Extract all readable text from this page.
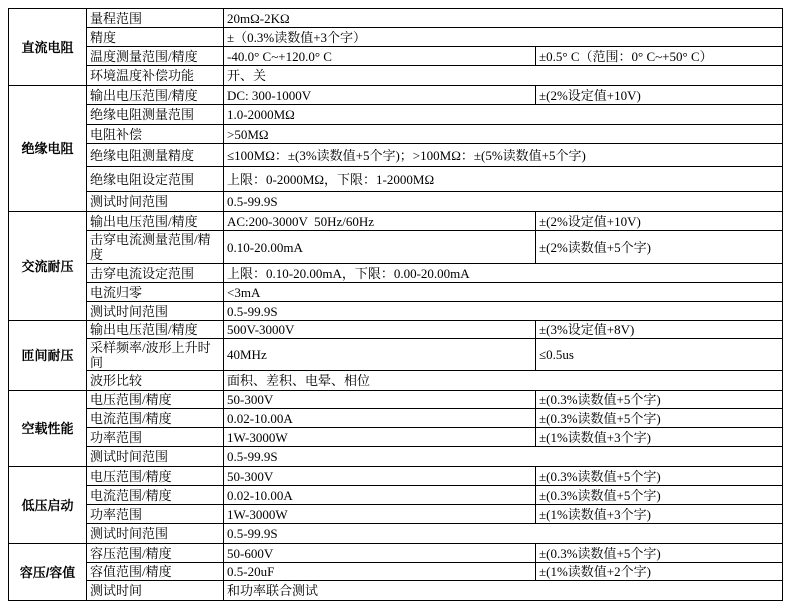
直流电阻	量程范围	20mΩ-2KΩ	
	精度	±（0.3%读数值+3个字）	
	温度测量范围/精度	-40.0° C~+120.0° C	±0.5° C（范围：0° C~+50° C）
	环境温度补偿功能	开、关	
绝缘电阻	输出电压范围/精度	DC: 300-1000V	±(2%设定值+10V)
	绝缘电阻测量范围	1.0-2000MΩ	
	电阻补偿	>50MΩ	
	绝缘电阻测量精度	≤100MΩ：±(3%读数值+5个字)；>100MΩ：±(5%读数值+5个字)	
	绝缘电阻设定范围	上限：0-2000MΩ，下限：1-2000MΩ	
	测试时间范围	0.5-99.9S	
交流耐压	输出电压范围/精度	AC:200-3000V  50Hz/60Hz	±(2%设定值+10V)
	击穿电流测量范围/精度	0.10-20.00mA	±(2%读数值+5个字)
	击穿电流设定范围	上限：0.10-20.00mA，下限：0.00-20.00mA	
	电流归零	<3mA	
	测试时间范围	0.5-99.9S	
匝间耐压	输出电压范围/精度	500V-3000V	±(3%设定值+8V)
	采样频率/波形上升时间	40MHz	≤0.5us
	波形比较	面积、差积、电晕、相位	
空载性能	电压范围/精度	50-300V	±(0.3%读数值+5个字)
	电流范围/精度	0.02-10.00A	±(0.3%读数值+5个字)
	功率范围	1W-3000W	±(1%读数值+3个字)
	测试时间范围	0.5-99.9S	
低压启动	电压范围/精度	50-300V	±(0.3%读数值+5个字)
	电流范围/精度	0.02-10.00A	±(0.3%读数值+5个字)
	功率范围	1W-3000W	±(1%读数值+3个字)
	测试时间范围	0.5-99.9S	
容压/容值	容压范围/精度	50-600V	±(0.3%读数值+5个字)
	容值范围/精度	0.5-20uF	±(1%读数值+2个字)
	测试时间	和功率联合测试	
